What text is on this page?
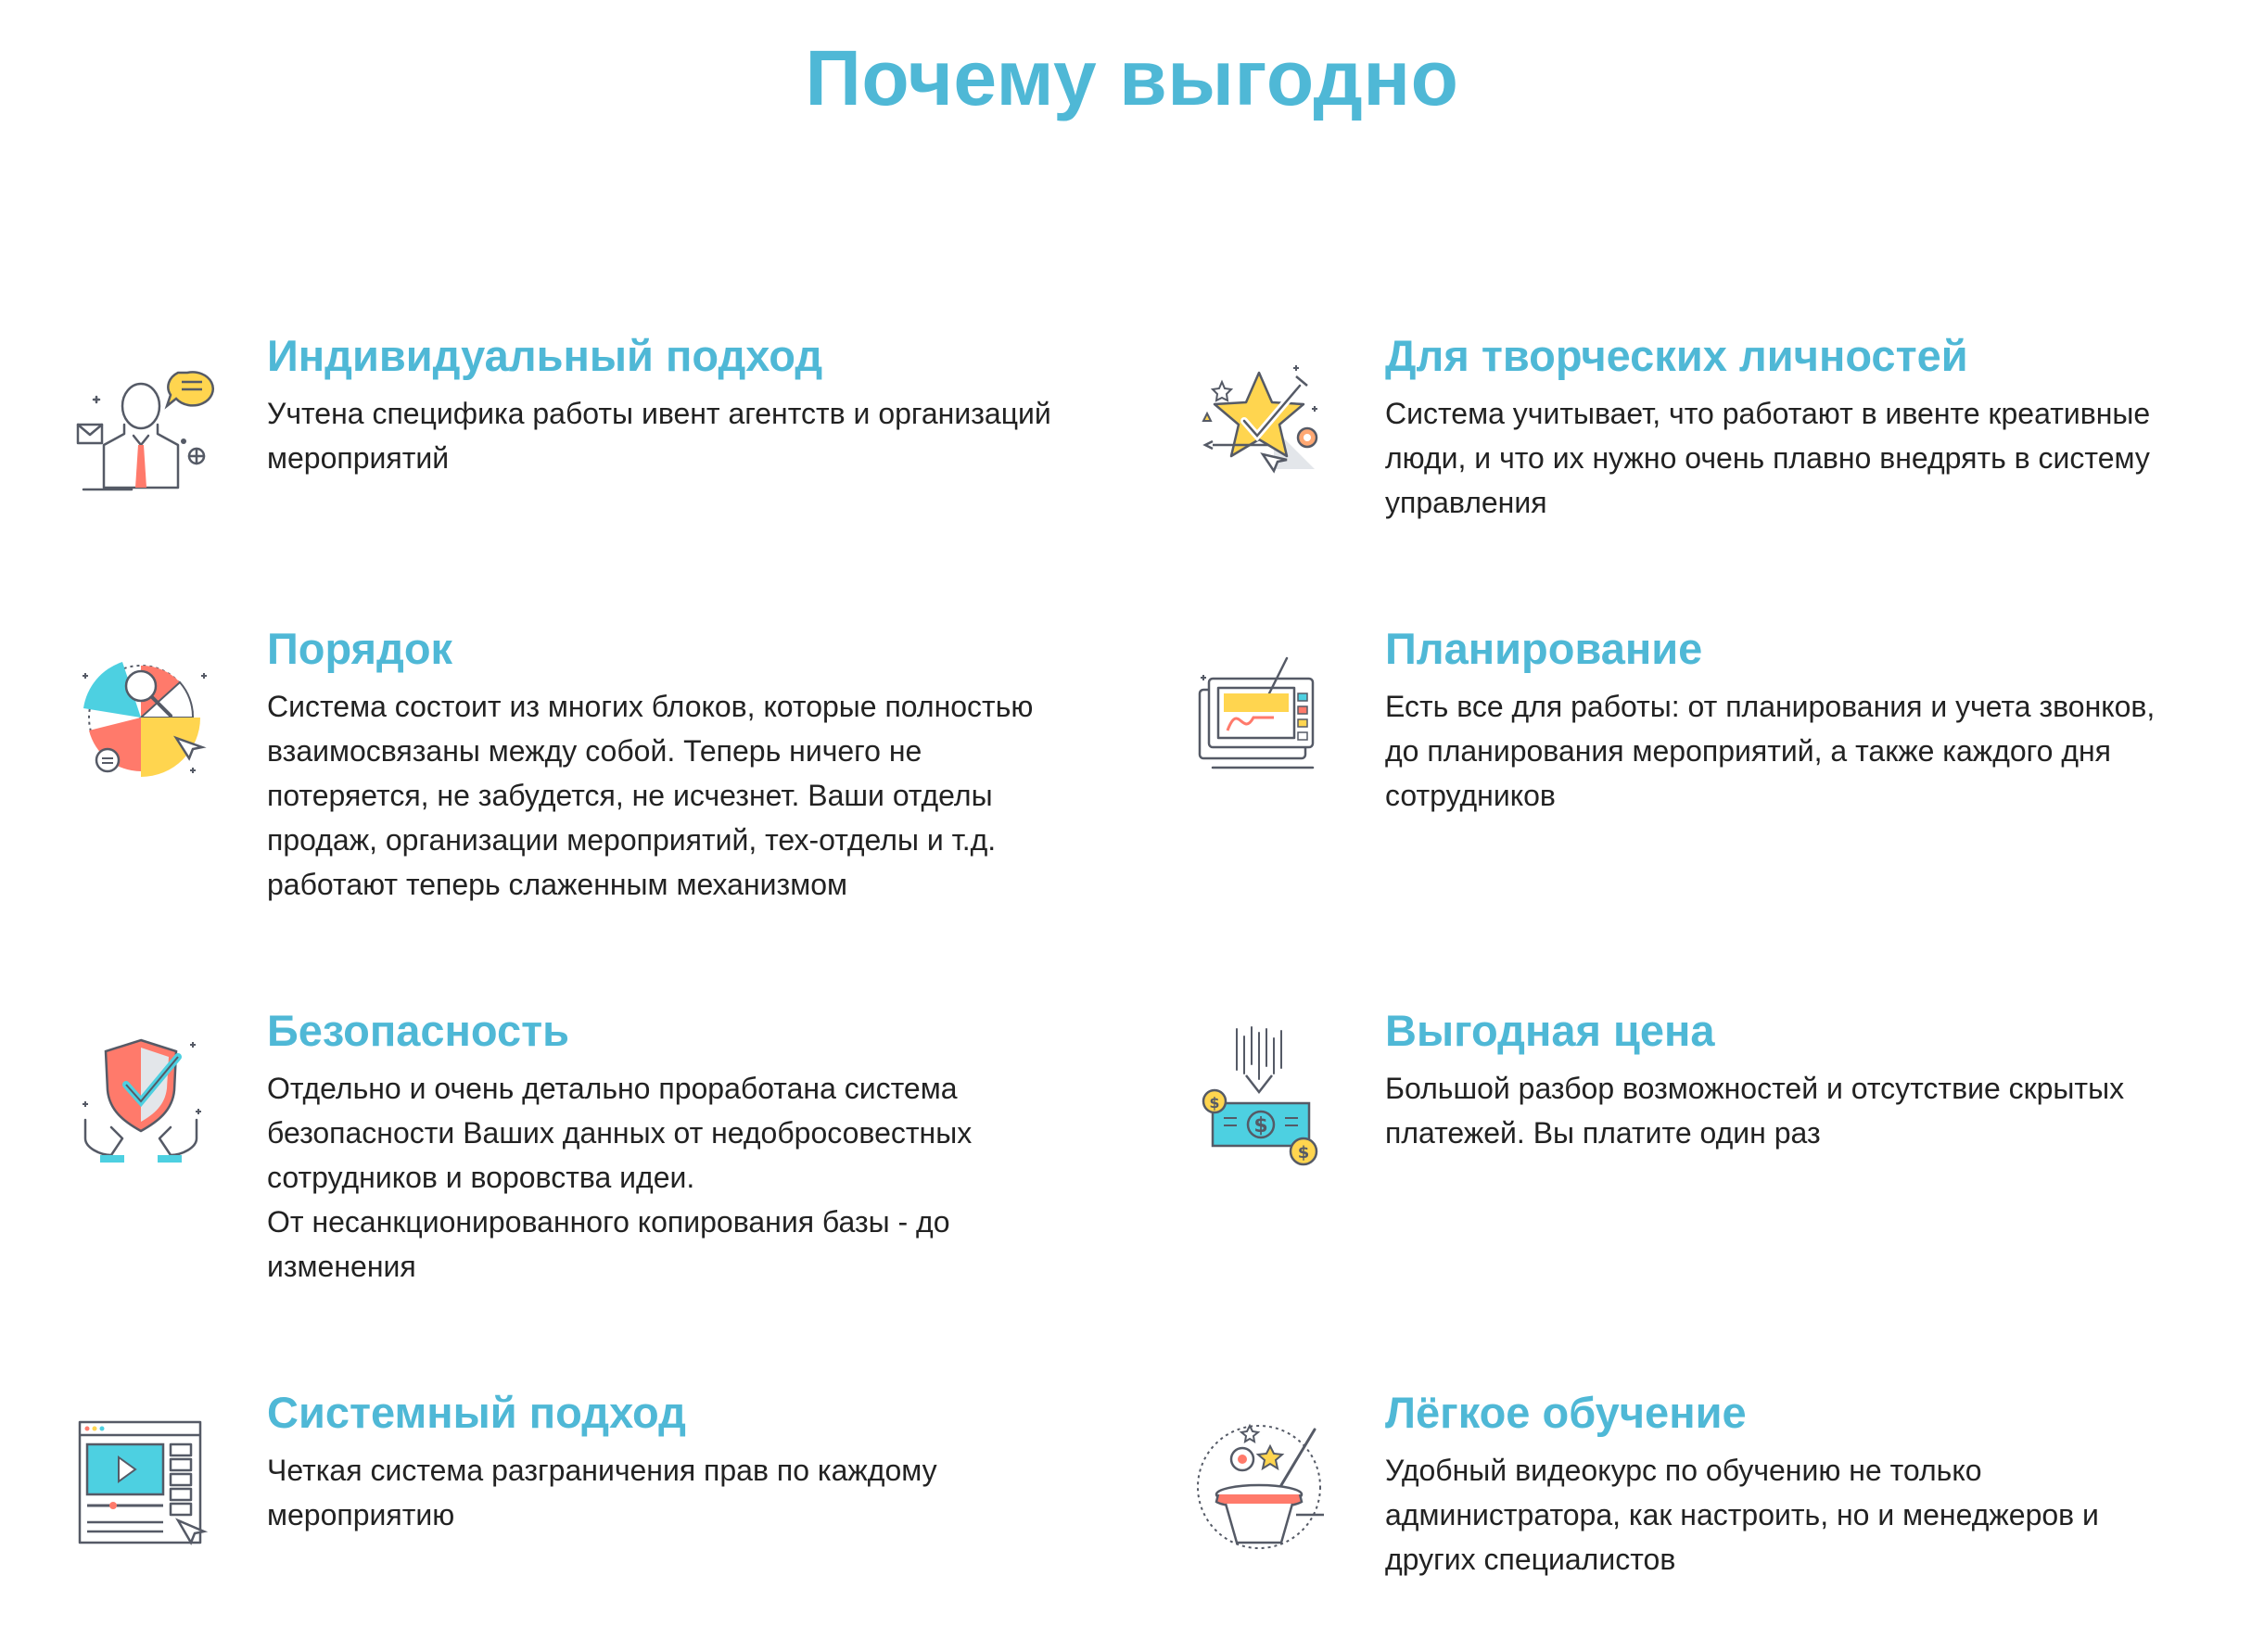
Почему выгодно
Индивидуальный подход

Учтена специфика работы ивент агентств и организаций мероприятий

Для творческих личностей

Система учитывает, что работают в ивенте креативные люди, и что их нужно очень плавно внедрять в систему управления

Порядок

Система состоит из многих блоков, которые полностью взаимосвязаны между собой. Теперь ничего не потеряется, не забудется, не исчезнет. Ваши отделы продаж, организации мероприятий, тех-отделы и т.д. работают теперь слаженным механизмом

Планирование

Есть все для работы: от планирования и учета звонков, до планирования мероприятий, а также каждого дня сотрудников

Безопасность

Отдельно и очень детально проработана система безопасности Ваших данных от недобросовестных сотрудников и воровства идеи.
От несанкционированного копирования базы - до изменения

$
$
$
Выгодная цена

Большой разбор возможностей и отсутствие скрытых платежей. Вы платите один раз

Системный подход

Четкая система разграничения прав по каждому мероприятию

Лёгкое обучение

Удобный видеокурс по обучению не только администратора, как настроить, но и менеджеров и других специалистов
